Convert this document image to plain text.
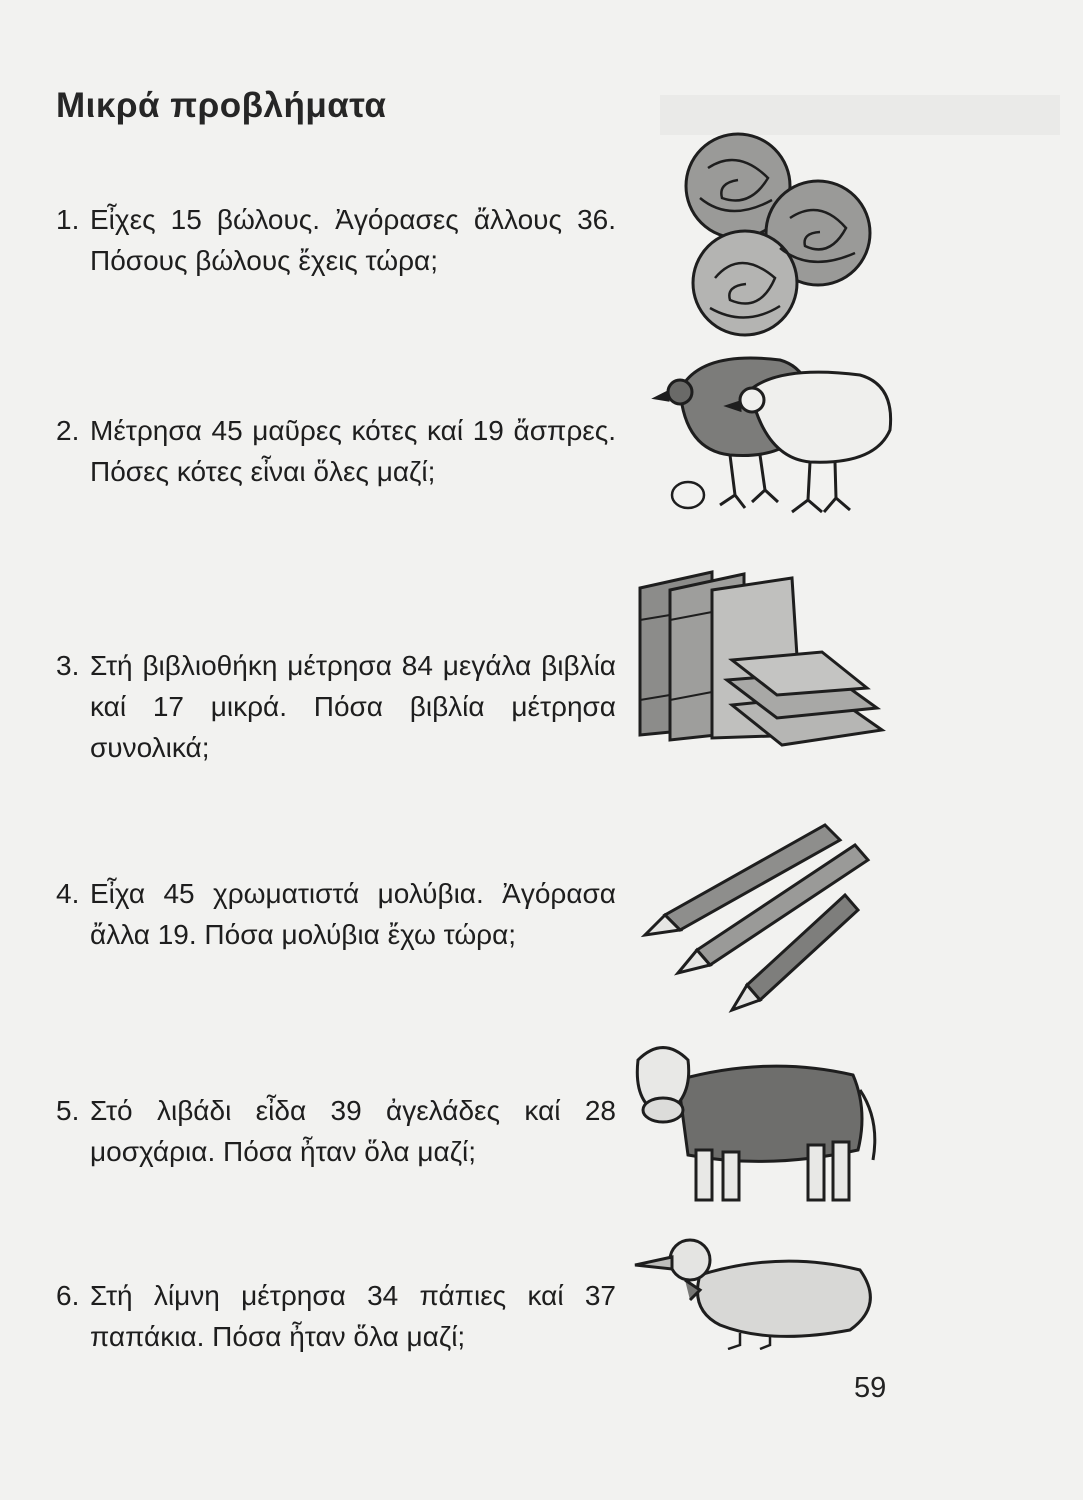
Μικρά προβλήματα
1. Εἶχες 15 βώλους. Ἀγόρασες ἄλλους 36. Πόσους βώλους ἔχεις τώρα;
2. Μέτρησα 45 μαῦρες κότες καί 19 ἄσπρες. Πόσες κότες εἶναι ὅλες μαζί;
3. Στή βιβλιοθήκη μέτρησα 84 μεγάλα βιβλία καί 17 μικρά. Πόσα βιβλία μέτρησα συνολικά;
4. Εἶχα 45 χρωματιστά μολύβια. Ἀγόρασα ἄλλα 19. Πόσα μολύβια ἔχω τώρα;
5. Στό λιβάδι εἶδα 39 ἀγελάδες καί 28 μοσχάρια. Πόσα ἦταν ὅλα μαζί;
6. Στή λίμνη μέτρησα 34 πάπιες καί 37 παπάκια. Πόσα ἦταν ὅλα μαζί;
59
